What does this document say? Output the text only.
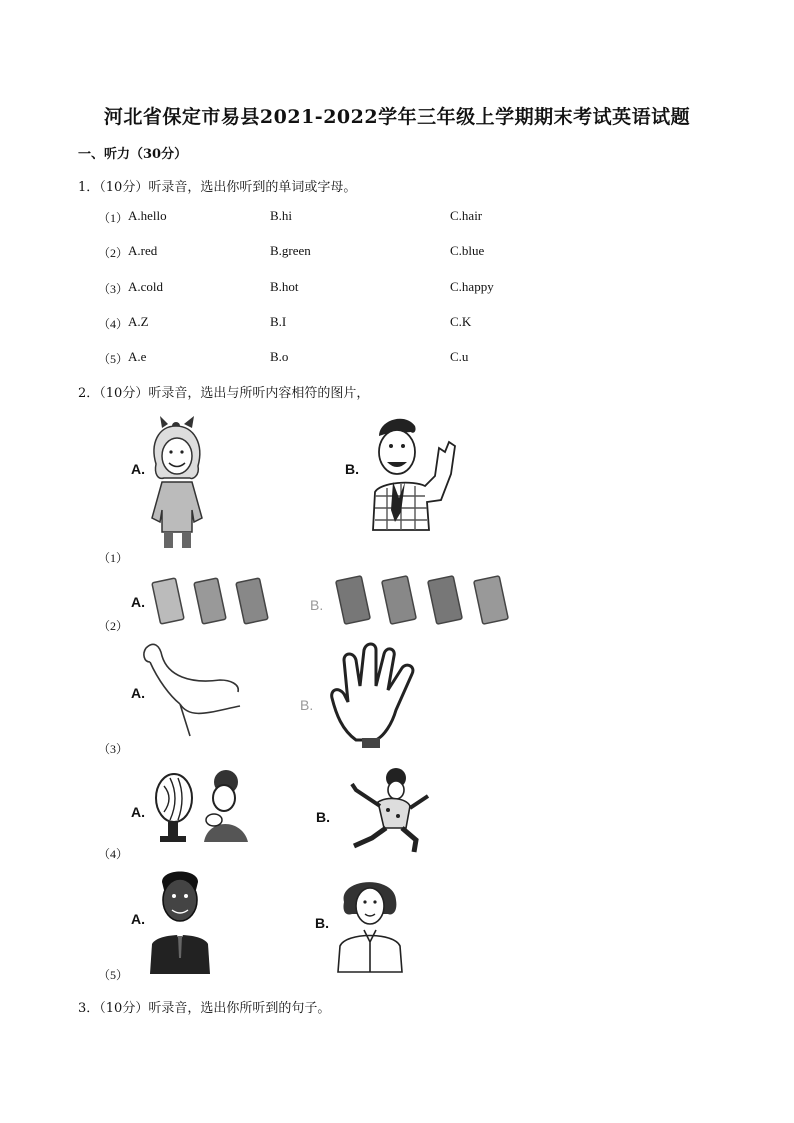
河北省保定市易县2021-2022学年三年级上学期期末考试英语试题
一、听力（30分）
1．（10分）听录音，选出你听到的单词或字母。
（1） A.hello	B.hi	C.hair
（2） A.red	B.green	C.blue
（3） A.cold	B.hot	C.happy
（4） A.Z	B.I	C.K
（5） A.e	B.o	C.u
2．（10分）听录音，选出与所听内容相符的图片，
A.	B.
（1）
A.	B.
（2）
A.
B.
（3）
A.	B.
（4）
A.	B.
（5）
3．（10分）听录音，选出你所听到的句子。
